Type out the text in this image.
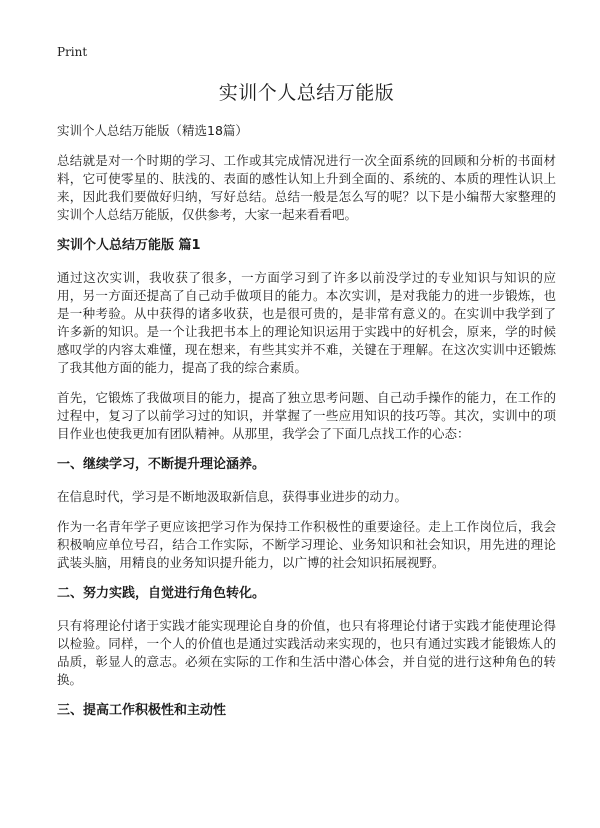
Print
实训个人总结万能版
实训个人总结万能版（精选18篇）

总结就是对一个时期的学习、工作或其完成情况进行一次全面系统的回顾和分析的书面材料，它可使零星的、肤浅的、表面的感性认知上升到全面的、系统的、本质的理性认识上来，因此我们要做好归纳，写好总结。总结一般是怎么写的呢？以下是小编帮大家整理的实训个人总结万能版，仅供参考，大家一起来看看吧。

实训个人总结万能版 篇1

通过这次实训，我收获了很多，一方面学习到了许多以前没学过的专业知识与知识的应用，另一方面还提高了自己动手做项目的能力。本次实训，是对我能力的进一步锻炼，也是一种考验。从中获得的诸多收获，也是很可贵的，是非常有意义的。在实训中我学到了许多新的知识。是一个让我把书本上的理论知识运用于实践中的好机会，原来，学的时候感叹学的内容太难懂，现在想来，有些其实并不难，关键在于理解。在这次实训中还锻炼了我其他方面的能力，提高了我的综合素质。

首先，它锻炼了我做项目的能力，提高了独立思考问题、自己动手操作的能力，在工作的过程中，复习了以前学习过的知识，并掌握了一些应用知识的技巧等。其次，实训中的项目作业也使我更加有团队精神。从那里，我学会了下面几点找工作的心态：

一、继续学习，不断提升理论涵养。

在信息时代，学习是不断地汲取新信息，获得事业进步的动力。

作为一名青年学子更应该把学习作为保持工作积极性的重要途径。走上工作岗位后，我会积极响应单位号召，结合工作实际，不断学习理论、业务知识和社会知识，用先进的理论武装头脑，用精良的业务知识提升能力，以广博的社会知识拓展视野。

二、努力实践，自觉进行角色转化。

只有将理论付诸于实践才能实现理论自身的价值，也只有将理论付诸于实践才能使理论得以检验。同样，一个人的价值也是通过实践活动来实现的，也只有通过实践才能锻炼人的品质，彰显人的意志。必须在实际的工作和生活中潜心体会，并自觉的进行这种角色的转换。

三、提高工作积极性和主动性
